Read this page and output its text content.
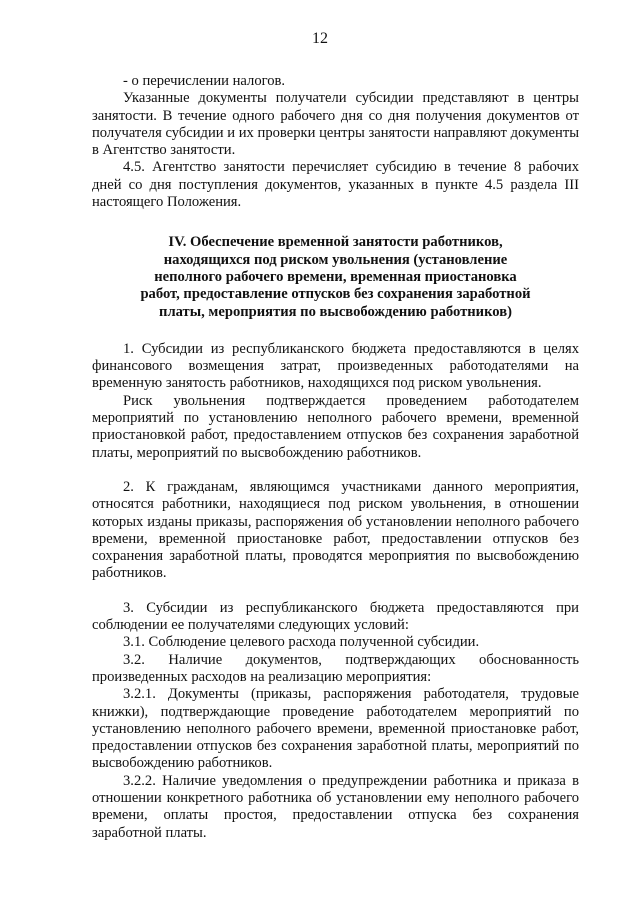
12

- о перечислении налогов.

Указанные документы получатели субсидии представляют в центры занятости. В течение одного рабочего дня со дня получения документов от получателя субсидии и их проверки центры занятости направляют документы в Агентство занятости.

4.5. Агентство занятости перечисляет субсидию в течение 8 рабочих дней со дня поступления документов, указанных в пункте 4.5 раздела III настоящего Положения.

IV. Обеспечение временной занятости работников,
находящихся под риском увольнения (установление
неполного рабочего времени, временная приостановка
работ, предоставление отпусков без сохранения заработной
платы, мероприятия по высвобождению работников)

1. Субсидии из республиканского бюджета предоставляются в целях финансового возмещения затрат, произведенных работодателями на временную занятость работников, находящихся под риском увольнения.

Риск увольнения подтверждается проведением работодателем мероприятий по установлению неполного рабочего времени, временной приостановкой работ, предоставлением отпусков без сохранения заработной платы, мероприятий по высвобождению работников.

2. К гражданам, являющимся участниками данного мероприятия, относятся работники, находящиеся под риском увольнения, в отношении которых изданы приказы, распоряжения об установлении неполного рабочего времени, временной приостановке работ, предоставлении отпусков без сохранения заработной платы, проводятся мероприятия по высвобождению работников.

3. Субсидии из республиканского бюджета предоставляются при соблюдении ее получателями следующих условий:

3.1. Соблюдение целевого расхода полученной субсидии.

3.2. Наличие документов, подтверждающих обоснованность произведенных расходов на реализацию мероприятия:

3.2.1. Документы (приказы, распоряжения работодателя, трудовые книжки), подтверждающие проведение работодателем мероприятий по установлению неполного рабочего времени, временной приостановке работ, предоставлении отпусков без сохранения заработной платы, мероприятий по высвобождению работников.

3.2.2. Наличие уведомления о предупреждении работника и приказа в отношении конкретного работника об установлении ему неполного рабочего времени, оплаты простоя, предоставлении отпуска без сохранения заработной платы.
